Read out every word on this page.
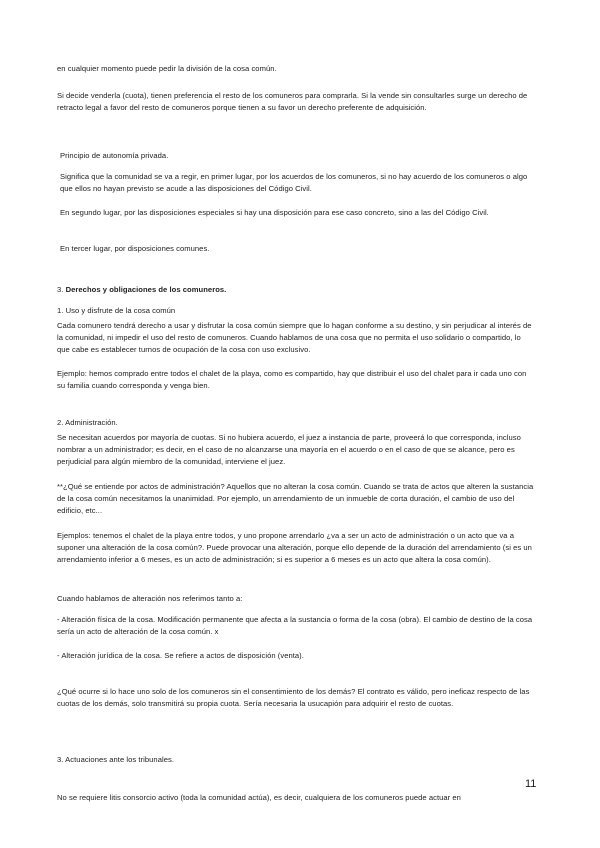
en cualquier momento puede pedir la división de la cosa común.

Si decide venderla (cuota), tienen preferencia el resto de los comuneros para comprarla. Si la vende sin consultarles surge un derecho de retracto legal a favor del resto de comuneros porque tienen a su favor un derecho preferente de adquisición.

Principio de autonomía privada.

Significa que la comunidad se va a regir, en primer lugar, por los acuerdos de los comuneros, si no hay acuerdo de los comuneros o algo que ellos no hayan previsto se acude a las disposiciones del Código Civil.

En segundo lugar, por las disposiciones especiales si hay una disposición para ese caso concreto, sino a las del Código Civil.

En tercer lugar, por disposiciones comunes.

3. Derechos y obligaciones de los comuneros.

1. Uso y disfrute de la cosa común

Cada comunero tendrá derecho a usar y disfrutar la cosa común siempre que lo hagan conforme a su destino, y sin perjudicar al interés de la comunidad, ni impedir el uso del resto de comuneros. Cuando hablamos de una cosa que no permita el uso solidario o compartido, lo que cabe es establecer turnos de ocupación de la cosa con uso exclusivo.

Ejemplo: hemos comprado entre todos el chalet de la playa, como es compartido, hay que distribuir el uso del chalet para ir cada uno con su familia cuando corresponda y venga bien.

2. Administración.

Se necesitan acuerdos por mayoría de cuotas. Si no hubiera acuerdo, el juez a instancia de parte, proveerá lo que corresponda, incluso nombrar a un administrador; es decir, en el caso de no alcanzarse una mayoría en el acuerdo o en el caso de que se alcance, pero es perjudicial para algún miembro de la comunidad, interviene el juez.

**¿Qué se entiende por actos de administración? Aquellos que no alteran la cosa común. Cuando se trata de actos que alteren la sustancia de la cosa común necesitamos la unanimidad. Por ejemplo, un arrendamiento de un inmueble de corta duración, el cambio de uso del edificio, etc...

Ejemplos: tenemos el chalet de la playa entre todos, y uno propone arrendarlo ¿va a ser un acto de administración o un acto que va a suponer una alteración de la cosa común?. Puede provocar una alteración, porque ello depende de la duración del arrendamiento (si es un arrendamiento inferior a 6 meses, es un acto de administración; si es superior a 6 meses es un acto que altera la cosa común).

Cuando hablamos de alteración nos referimos tanto a:

- Alteración física de la cosa. Modificación permanente que afecta a la sustancia o forma de la cosa (obra). El cambio de destino de la cosa sería un acto de alteración de la cosa común. x

- Alteración jurídica de la cosa. Se refiere a actos de disposición (venta).

¿Qué ocurre si lo hace uno solo de los comuneros sin el consentimiento de los demás? El contrato es válido, pero ineficaz respecto de las cuotas de los demás, solo transmitirá su propia cuota. Sería necesaria la usucapión para adquirir el resto de cuotas.

3. Actuaciones ante los tribunales.

11

No se requiere litis consorcio activo (toda la comunidad actúa), es decir, cualquiera de los comuneros puede actuar en
